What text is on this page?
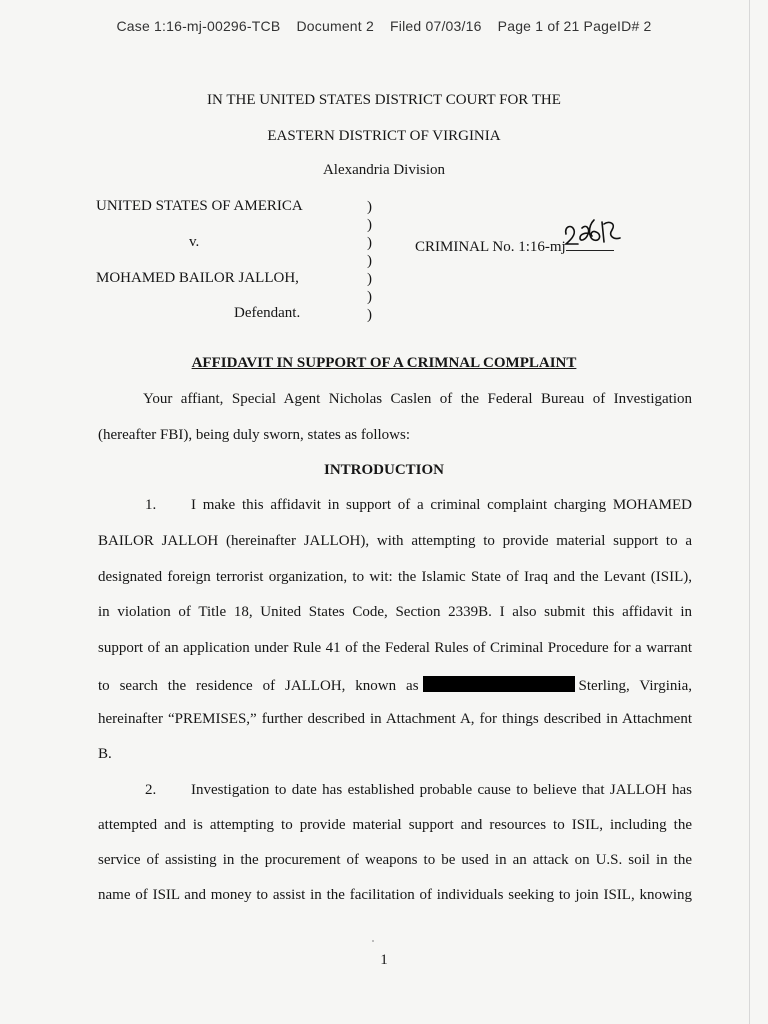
Case 1:16-mj-00296-TCB Document 2 Filed 07/03/16 Page 1 of 21 PageID# 2
IN THE UNITED STATES DISTRICT COURT FOR THE
EASTERN DISTRICT OF VIRGINIA
Alexandria Division
UNITED STATES OF AMERICA
v.
MOHAMED BAILOR JALLOH,
Defendant.
)
)
)
)
)
)
)
CRIMINAL No. 1:16-mj
AFFIDAVIT IN SUPPORT OF A CRIMNAL COMPLAINT
Your affiant, Special Agent Nicholas Caslen of the Federal Bureau of Investigation
(hereafter FBI), being duly sworn, states as follows:
INTRODUCTION
1. I make this affidavit in support of a criminal complaint charging MOHAMED
BAILOR JALLOH (hereinafter JALLOH), with attempting to provide material support to a
designated foreign terrorist organization, to wit: the Islamic State of Iraq and the Levant (ISIL),
in violation of Title 18, United States Code, Section 2339B. I also submit this affidavit in
support of an application under Rule 41 of the Federal Rules of Criminal Procedure for a warrant
to search the residence of JALLOH, known as	Sterling, Virginia,
hereinafter “PREMISES,” further described in Attachment A, for things described in Attachment
B.
2. Investigation to date has established probable cause to believe that JALLOH has
attempted and is attempting to provide material support and resources to ISIL, including the
service of assisting in the procurement of weapons to be used in an attack on U.S. soil in the
name of ISIL and money to assist in the facilitation of individuals seeking to join ISIL, knowing
1
